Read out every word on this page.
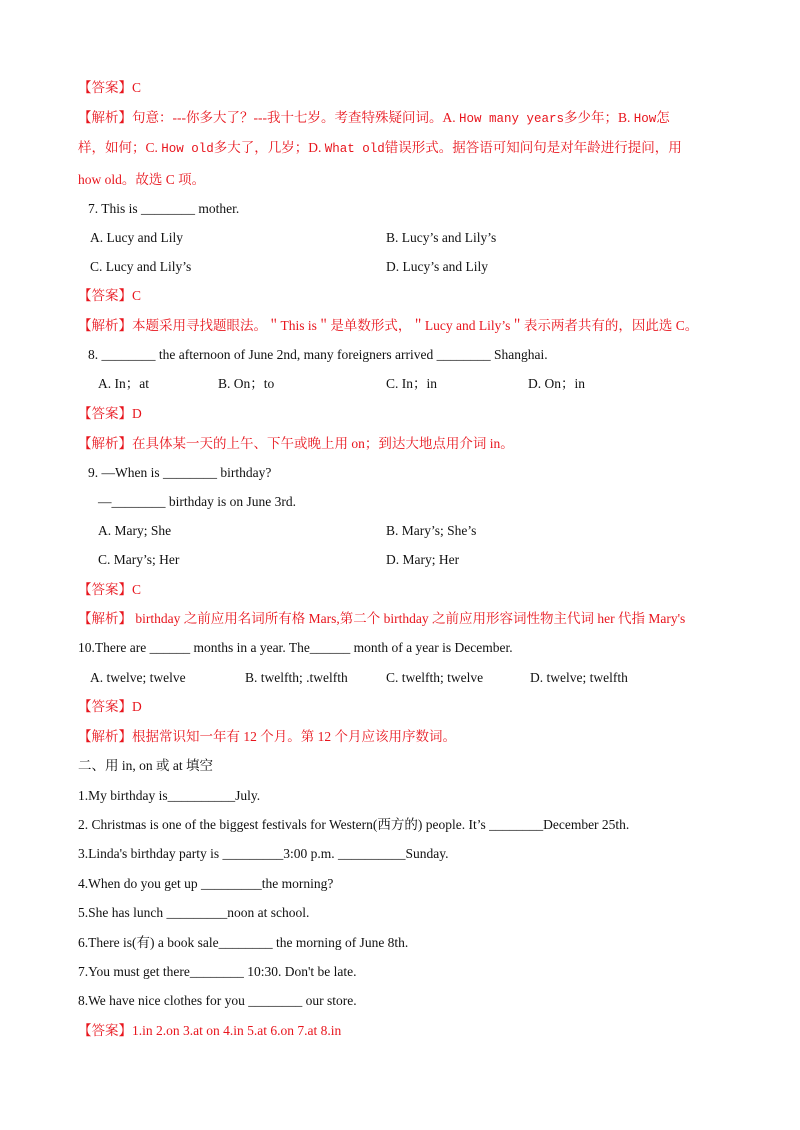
【答案】C
【解析】句意：---你多大了？---我十七岁。考查特殊疑问词。A. How many years多少年；B. How怎
样，如何；C. How old多大了，几岁；D. What old错误形式。据答语可知问句是对年龄进行提问，用
how old。故选 C 项。
7. This is ________ mother.
A. Lucy and Lily	B. Lucy’s and Lily’s
C. Lucy and Lily’s	D. Lucy’s and Lily
【答案】C
【解析】本题采用寻找题眼法。＂This is＂是单数形式，＂Lucy and Lily’s＂表示两者共有的，因此选 C。
8. ________ the afternoon of June 2nd, many foreigners arrived ________ Shanghai.
A. In；at	B. On；to	C. In；in	D. On；in
【答案】D
【解析】在具体某一天的上午、下午或晚上用 on；到达大地点用介词 in。
9. —When is ________ birthday?
—________ birthday is on June 3rd.
A. Mary; She	B. Mary’s; She’s
C. Mary’s; Her	D. Mary; Her
【答案】C
【解析】 birthday 之前应用名词所有格 Mars,第二个 birthday 之前应用形容词性物主代词 her 代指 Mary's
10.There are ______ months in a year. The______ month of a year is December.
A. twelve; twelve	B. twelfth; .twelfth	C. twelfth; twelve	D. twelve; twelfth
【答案】D
【解析】根据常识知一年有 12 个月。第 12 个月应该用序数词。
二、用 in, on 或 at 填空
1.My birthday is__________July.
2. Christmas is one of the biggest festivals for Western(西方的) people. It’s ________December 25th.
3.Linda's birthday party is _________3:00 p.m. __________Sunday.
4.When do you get up _________the morning?
5.She has lunch _________noon at school.
6.There is(有) a book sale________ the morning of June 8th.
7.You must get there________ 10:30. Don't be late.
8.We have nice clothes for you ________ our store.
【答案】1.in 2.on 3.at on 4.in 5.at 6.on 7.at 8.in
